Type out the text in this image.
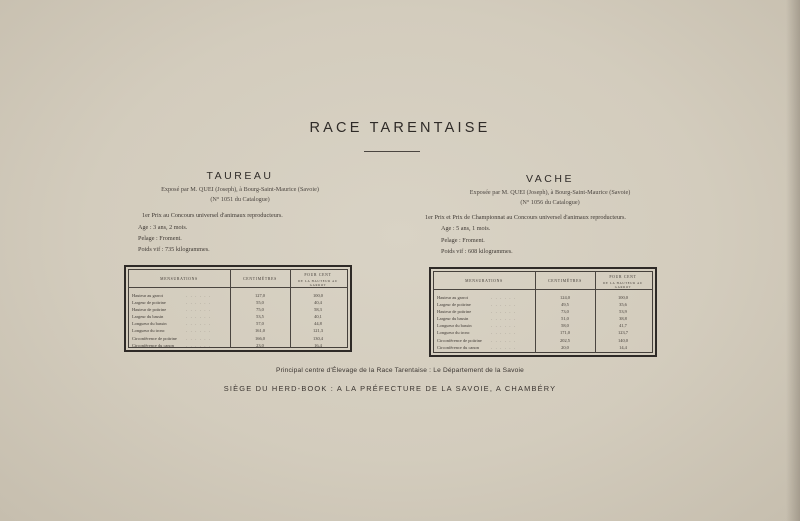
RACE TARENTAISE
TAUREAU
Exposé par M. QUEI (Joseph), à Bourg-Saint-Maurice (Savoie)
(N° 1051 du Catalogue)
1er Prix au Concours universel d'animaux reproducteurs.
Age : 3 ans, 2 mois.
Pelage : Froment.
Poids vif : 735 kilogrammes.
MENSURATIONS	CENTIMÈTRES
POUR CENT
DE LA HAUTEUR AU GARROT
Hauteur au garrot
Largeur de poitrine
Hauteur de poitrine
Largeur du bassin
Longueur du bassin
Longueur du tronc
Circonférence de poitrine
Circonférence du canon
. . . . . .
. . . . . .
. . . . . .
. . . . . .
. . . . . .
. . . . . .
. . . . . .
. . . . . .
127,0
55,0
75,0
53,5
57,0
161,0
166,0
23,0
100,0
40,4
58,3
40,1
44,8
121,3
130,4
16,4
VACHE
Exposée par M. QUEI (Joseph), à Bourg-Saint-Maurice (Savoie)
(N° 1056 du Catalogue)
1er Prix et Prix de Championnat au Concours universel d'animaux reproducteurs.
Age : 5 ans, 1 mois.
Pelage : Froment.
Poids vif : 608 kilogrammes.
MENSURATIONS	CENTIMÈTRES
POUR CENT
DE LA HAUTEUR AU GARROT
Hauteur au garrot
Largeur de poitrine
Hauteur de poitrine
Largeur du bassin
Longueur du bassin
Longueur du tronc
Circonférence de poitrine
Circonférence du canon
. . . . . .
. . . . . .
. . . . . .
. . . . . .
. . . . . .
. . . . . .
. . . . . .
. . . . . .
124,0
49,5
73,0
51,0
58,0
171,0
202,5
20,0
100,0
35,6
53,9
38,8
41,7
123,7
140,0
14,4
Principal centre d'Élevage de la Race Tarentaise : Le Département de la Savoie
SIÈGE DU HERD-BOOK : A LA PRÉFECTURE DE LA SAVOIE, A CHAMBÉRY
